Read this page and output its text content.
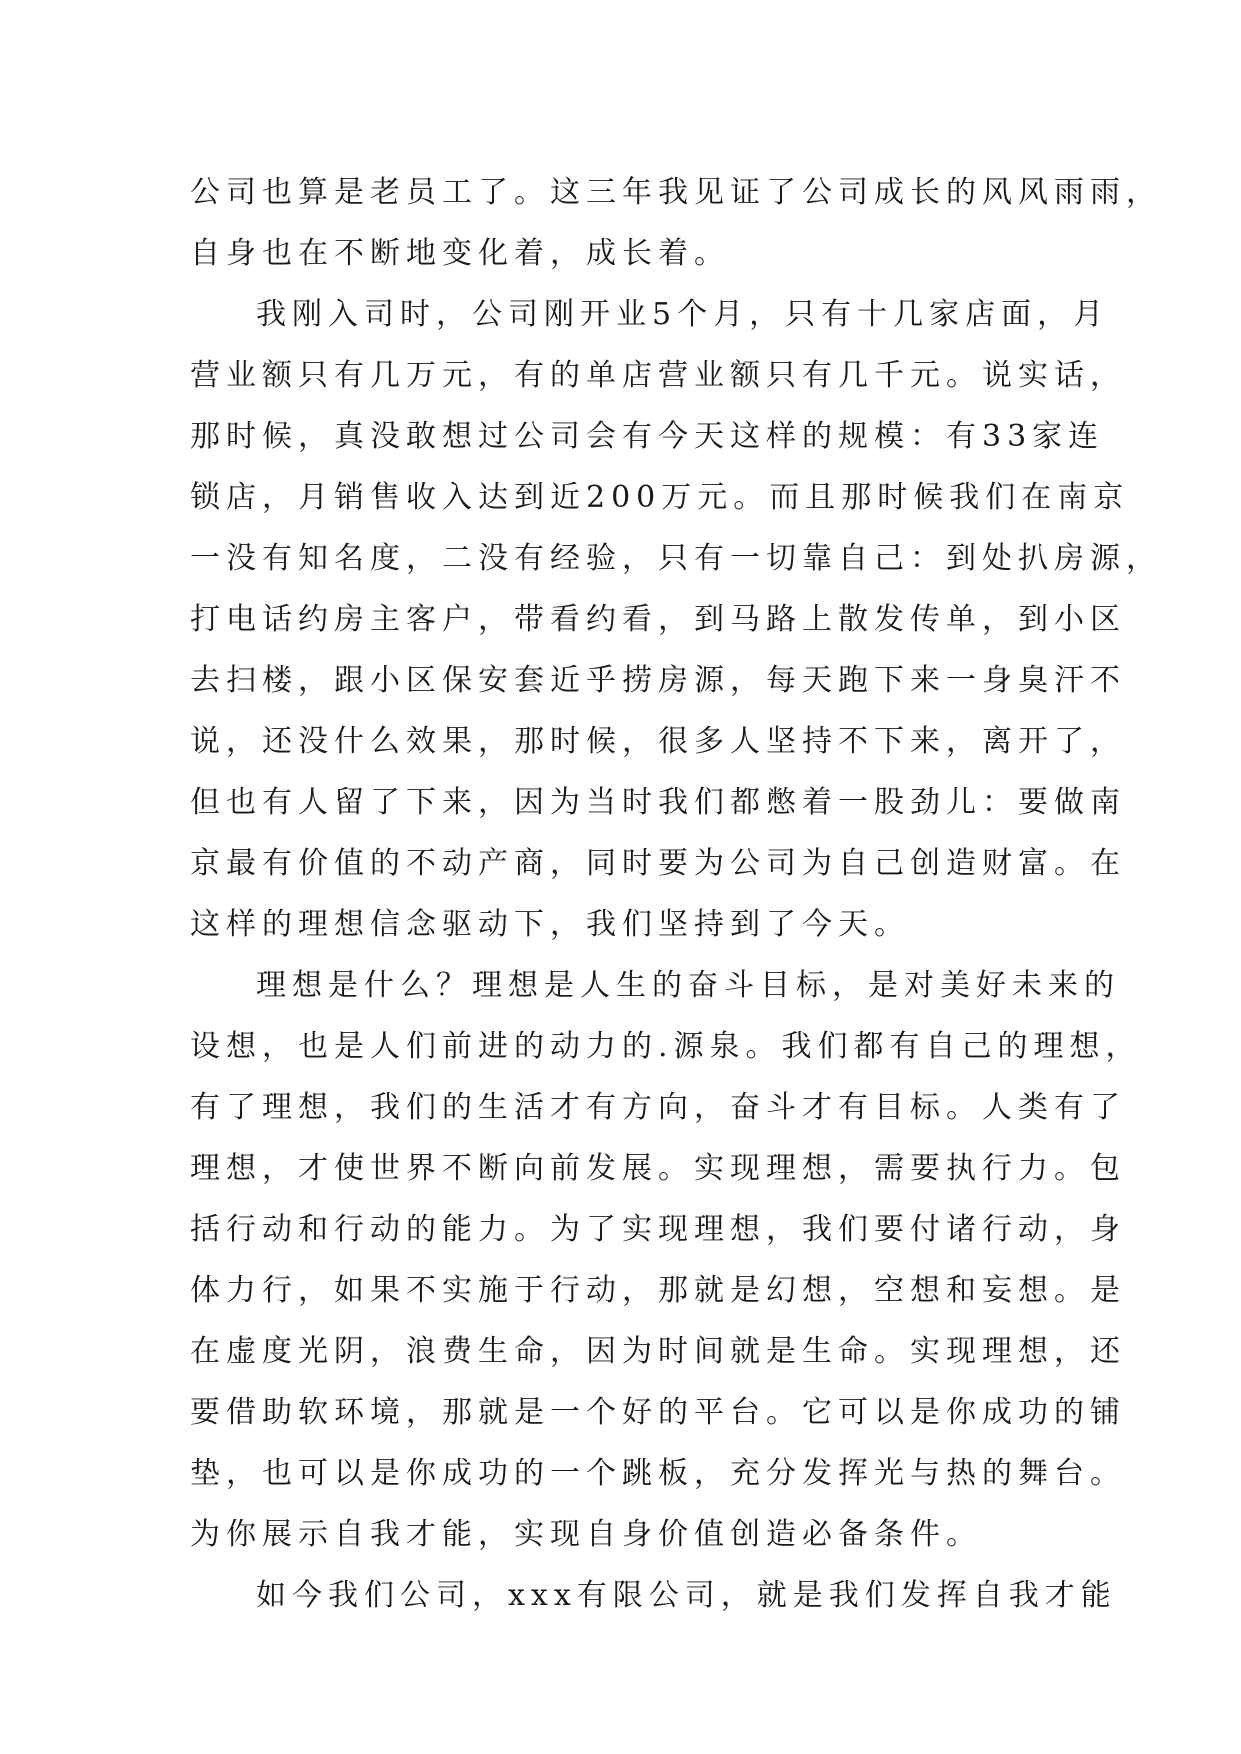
公司也算是老员工了。这三年我见证了公司成长的风风雨雨，
自身也在不断地变化着，成长着。
我刚入司时，公司刚开业5个月，只有十几家店面，月
营业额只有几万元，有的单店营业额只有几千元。说实话，
那时候，真没敢想过公司会有今天这样的规模：有33家连
锁店，月销售收入达到近200万元。而且那时候我们在南京
一没有知名度，二没有经验，只有一切靠自己：到处扒房源，
打电话约房主客户，带看约看，到马路上散发传单，到小区
去扫楼，跟小区保安套近乎捞房源，每天跑下来一身臭汗不
说，还没什么效果，那时候，很多人坚持不下来，离开了，
但也有人留了下来，因为当时我们都憋着一股劲儿：要做南
京最有价值的不动产商，同时要为公司为自己创造财富。在
这样的理想信念驱动下，我们坚持到了今天。
理想是什么？理想是人生的奋斗目标，是对美好未来的
设想，也是人们前进的动力的.源泉。我们都有自己的理想，
有了理想，我们的生活才有方向，奋斗才有目标。人类有了
理想，才使世界不断向前发展。实现理想，需要执行力。包
括行动和行动的能力。为了实现理想，我们要付诸行动，身
体力行，如果不实施于行动，那就是幻想，空想和妄想。是
在虚度光阴，浪费生命，因为时间就是生命。实现理想，还
要借助软环境，那就是一个好的平台。它可以是你成功的铺
垫，也可以是你成功的一个跳板，充分发挥光与热的舞台。
为你展示自我才能，实现自身价值创造必备条件。
如今我们公司，xxx有限公司，就是我们发挥自我才能
